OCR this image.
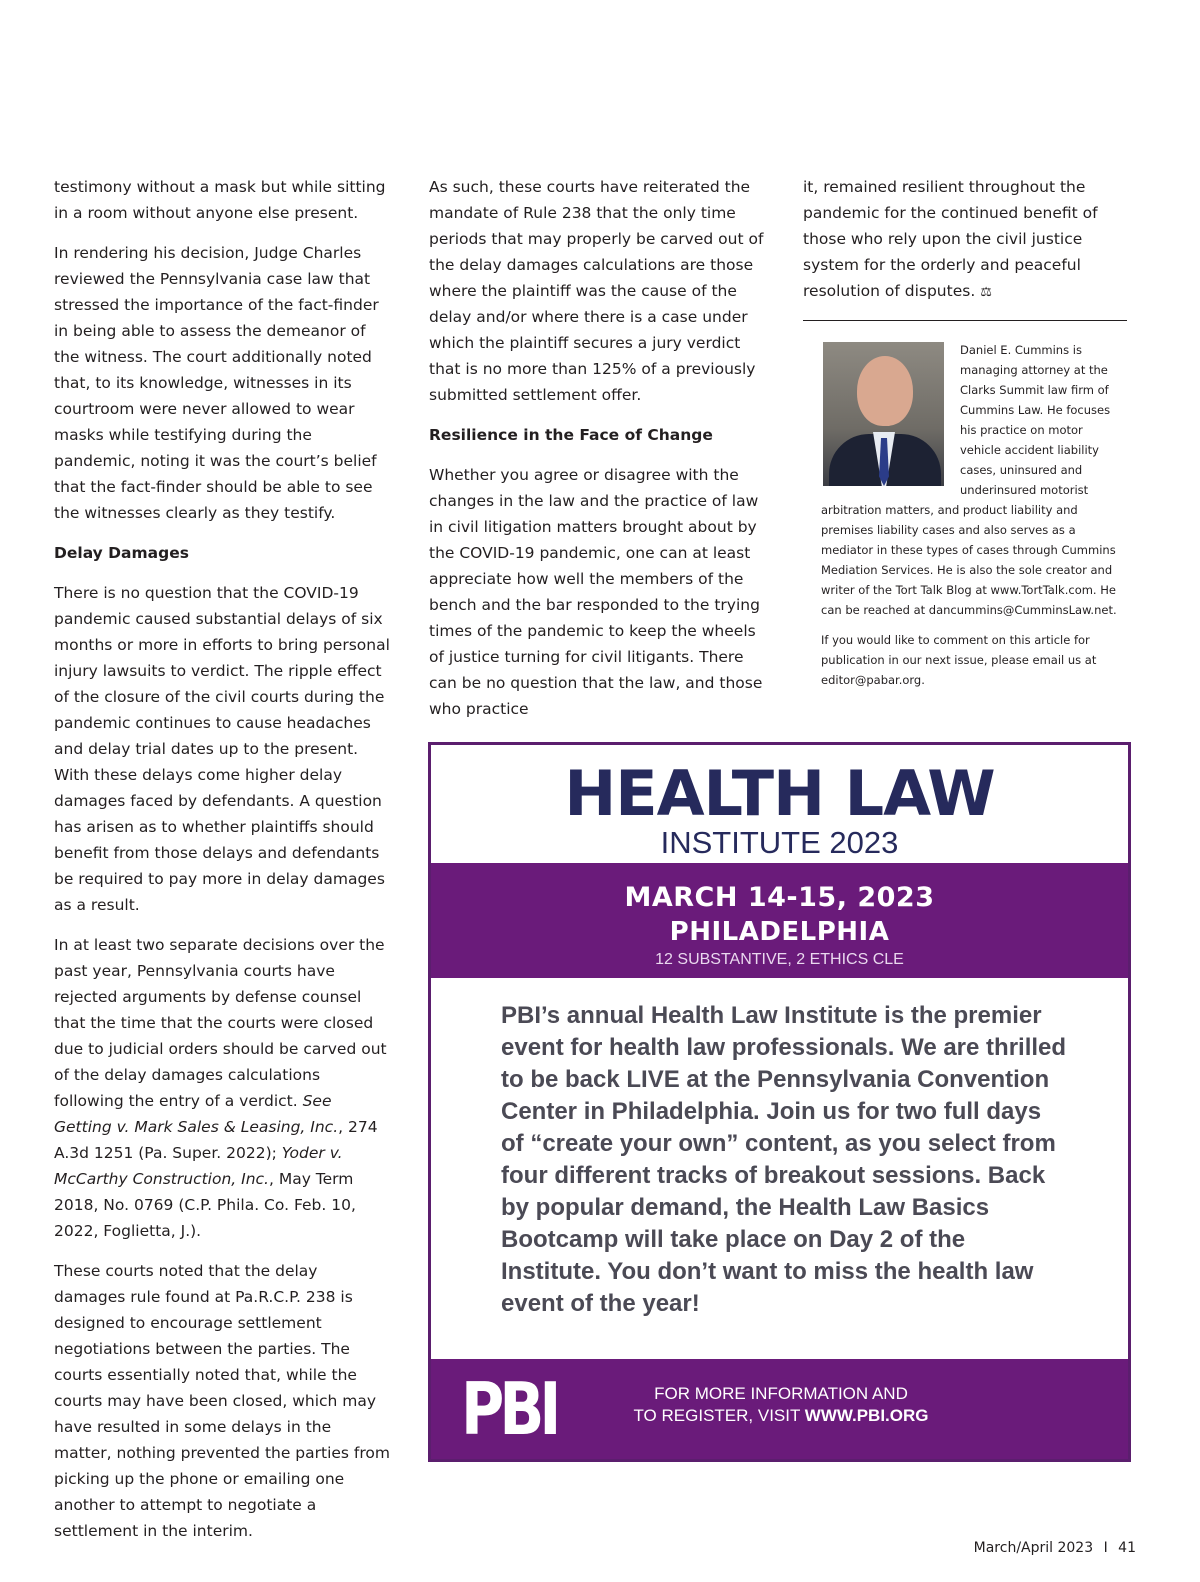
testimony without a mask but while sitting in a room without anyone else present.

In rendering his decision, Judge Charles reviewed the Pennsylvania case law that stressed the importance of the fact-finder in being able to assess the demeanor of the witness. The court additionally noted that, to its knowledge, witnesses in its courtroom were never allowed to wear masks while testifying during the pandemic, noting it was the court’s belief that the fact-finder should be able to see the witnesses clearly as they testify.

Delay Damages

There is no question that the COVID-19 pandemic caused substantial delays of six months or more in efforts to bring personal injury lawsuits to verdict. The ripple effect of the closure of the civil courts during the pandemic continues to cause headaches and delay trial dates up to the present. With these delays come higher delay damages faced by defendants. A question has arisen as to whether plaintiffs should benefit from those delays and defendants be required to pay more in delay damages as a result.

In at least two separate decisions over the past year, Pennsylvania courts have rejected arguments by defense counsel that the time that the courts were closed due to judicial orders should be carved out of the delay damages calculations following the entry of a verdict. See Getting v. Mark Sales & Leasing, Inc., 274 A.3d 1251 (Pa. Super. 2022); Yoder v. McCarthy Construction, Inc., May Term 2018, No. 0769 (C.P. Phila. Co. Feb. 10, 2022, Foglietta, J.).

These courts noted that the delay damages rule found at Pa.R.C.P. 238 is designed to encourage settlement negotiations between the parties. The courts essentially noted that, while the courts may have been closed, which may have resulted in some delays in the matter, nothing prevented the parties from picking up the phone or emailing one another to attempt to negotiate a settlement in the interim.

As such, these courts have reiterated the mandate of Rule 238 that the only time periods that may properly be carved out of the delay damages calculations are those where the plaintiff was the cause of the delay and/or where there is a case under which the plaintiff secures a jury verdict that is no more than 125% of a previously submitted settlement offer.

Resilience in the Face of Change

Whether you agree or disagree with the changes in the law and the practice of law in civil litigation matters brought about by the COVID-19 pandemic, one can at least appreciate how well the members of the bench and the bar responded to the trying times of the pandemic to keep the wheels of justice turning for civil litigants. There can be no question that the law, and those who practice

it, remained resilient throughout the pandemic for the continued benefit of those who rely upon the civil justice system for the orderly and peaceful resolution of disputes. ⚖

Daniel E. Cummins is managing attorney at the Clarks Summit law firm of Cummins Law. He focuses his practice on motor vehicle accident liability cases, uninsured and underinsured motorist arbitration matters, and product liability and premises liability cases and also serves as a mediator in these types of cases through Cummins Mediation Services. He is also the sole creator and writer of the Tort Talk Blog at www.TortTalk.com. He can be reached at dancummins@CumminsLaw.net.

If you would like to comment on this article for publication in our next issue, please email us at editor@pabar.org.

HEALTH LAW
INSTITUTE 2023
MARCH 14-15, 2023
PHILADELPHIA
12 SUBSTANTIVE, 2 ETHICS CLE
PBI’s annual Health Law Institute is the premier event for health law professionals. We are thrilled to be back LIVE at the Pennsylvania Convention Center in Philadelphia. Join us for two full days of “create your own” content, as you select from four different tracks of breakout sessions. Back by popular demand, the Health Law Basics Bootcamp will take place on Day 2 of the Institute. You don’t want to miss the health law event of the year!
PBI	FOR MORE INFORMATION AND
TO REGISTER, VISIT WWW.PBI.ORG
March/April 2023 I 41
